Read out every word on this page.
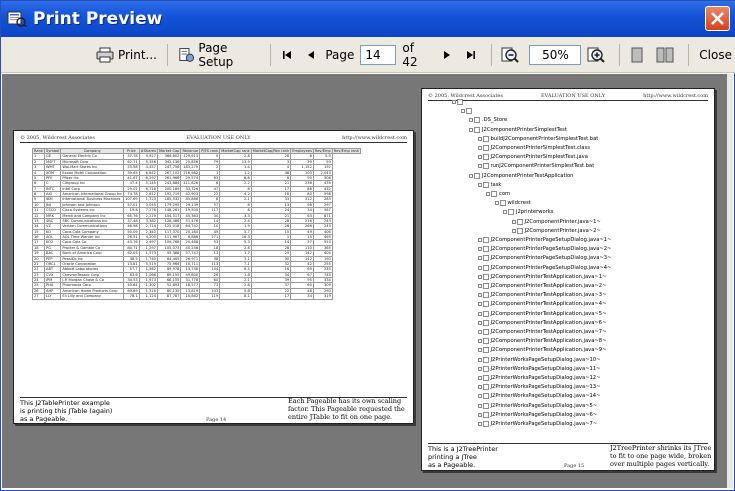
Print Preview
Print...	Page Setup	Page
14	of 42
50%	Close
© 2005, Wildcrest Associates	EVALUATION USE ONLY	http://www.wildcrest.com
Rank	Symbol	Company	Price	#Shares	Market Cap	Revenue	P/ES rank	MarketCap rank	MarketCap/Rev rank	Employees	Rev/Emp	Rev/Emp rank
1	GE	General Electric Co	37.78	9,927	366,602	129,613	9	2.8	28	6	5.9	
2	MSFT	Microsoft Corp	62.71	5,356	342,136	25,856	79	13.9	3	39	59	
3	WMT	Wal-Mart Stores Inc	55.58	4,457	247,756	183,279	2	1.4	4	1,152	192	
4	XOM	Exxon Mobil Corporation	39.65	6,842	267,102	216,982	1	1.2	48	103	2,043	
5	PFE	Pfizer Inc	41.67	6,297	261,966	29,574	63	8.8	6	90	306	
6	C	Citigroup Inc	47.4	5,145	243,884	111,826	6	2.2	21	236	476	
7	INTC	Intel Corp	29.02	6,718	200,189	33,726	47	6	17	86	432	
8	AIG	American International Group Inc	74.78	2,612	192,719	42,903	22	4.2	18	80	598	
9	IBM	International Business Machines	107.69	1,723	185,532	85,866	8	2.1	33	312	283	
10	JNJ	Johnson and Johnson	57.01	3,045	179,295	29,139	57	6	13	98	297	
11	CSCO	Cisco Systems Inc	19.8	7,276	148,261	19,500	117	8	24	34	567	
12	MRK	Merck and Company Inc	65.76	2,279	154,517	45,363	30	3.3	21	63	671	
13	SBC	SBC Communications Inc	37.48	3,382	126,486	51,476	14	2.4	28	216	243	
14	VZ	Verizon Communications	46.98	2,714	125,018	64,742	10	1.9	26	266	243	
15	KO	Coca-Cola Company	50.09	2,343	117,370	20,180	49	5.7	15	49	406	
16	AOL	AOL Time Warner Inc	26.51	4,200	111,967	6,886	271	16.3	1	15	465	
17	KO2	Coca-Cola Co	43.76	2,497	109,768	20,468	53	5.3	14	37	553	
18	PG	Procter & Gamble Co	80.71	1,297	105,073	40,238	18	2.6	28	110	365	
19	BAC	Bank of America Corp	62.03	1,573	95,386	57,747	13	1.7	29	142	404	
20	PEP	PepsiCo Inc	48.5	1,740	84,405	26,971	38	3.1	30	142	190	
21	ORCL	Oracle Corporation	13.81	5,519	75,964	10,711	113	7.1	32	42	255	
22	ABT	Abbott Laboratories	57.7	1,562	89,978	13,748	104	6.5	16	69	233	
23	CVX	ChevronTexaco Corp	83.6	1,066	89,155	49,800	26	1.8	34	67	745	
24	JPM	J.P. Morgan Chase & Co	34.53	1,973	68,155	31,778	60	2.1	39	95	334	
25	PHA	Pharmacia Corp	40.64	1,302	52,893	18,577	73	2.8	37	60	309	
26	AHP	American Home Products Corp	60.89	1,316	80,135	13,819	103	5.8	22	48	290	
27	LLY	Eli Lilly and Company	78.1	1,124	87,787	10,862	119	8.1	17	34	319	
This J2TablePrinter example
is printing this JTable (again)
as a Pageable.	Page 14
Each Pageable has its own scaling
factor. This Pageable requested the
entire JTable to fit on one page.
© 2005, Wildcrest Associates	EVALUATION USE ONLY	http://www.wildcrest.com
.DS_Store
J2ComponentPrinterSimplestTest
buildJ2ComponentPrinterSimplestTest.bat
J2ComponentPrinterSimplestTest.class
J2ComponentPrinterSimplestTest.java
runJ2ComponentPrinterSimplestTest.bat
J2ComponentPrinterTestApplication
task
com
wildcrest
j2printerworks
J2ComponentPrinter.java~1~
J2ComponentPrinter.java~2~
J2ComponentPrinterPageSetupDialog.java~1~
J2ComponentPrinterPageSetupDialog.java~2~
J2ComponentPrinterPageSetupDialog.java~3~
J2ComponentPrinterPageSetupDialog.java~4~
J2ComponentPrinterTestApplication.java~1~
J2ComponentPrinterTestApplication.java~2~
J2ComponentPrinterTestApplication.java~3~
J2ComponentPrinterTestApplication.java~4~
J2ComponentPrinterTestApplication.java~5~
J2ComponentPrinterTestApplication.java~6~
J2ComponentPrinterTestApplication.java~7~
J2ComponentPrinterTestApplication.java~8~
J2ComponentPrinterTestApplication.java~9~
J2PrinterWorksPageSetupDialog.java~10~
J2PrinterWorksPageSetupDialog.java~11~
J2PrinterWorksPageSetupDialog.java~12~
J2PrinterWorksPageSetupDialog.java~13~
J2PrinterWorksPageSetupDialog.java~14~
J2PrinterWorksPageSetupDialog.java~5~
J2PrinterWorksPageSetupDialog.java~6~
J2PrinterWorksPageSetupDialog.java~7~
This is a J2TreePrinter
printing a JTree
as a Pageable.	Page 15
J2TreePrinter shrinks its JTree
to fit to one page wide, broken
over multiple pages vertically.
